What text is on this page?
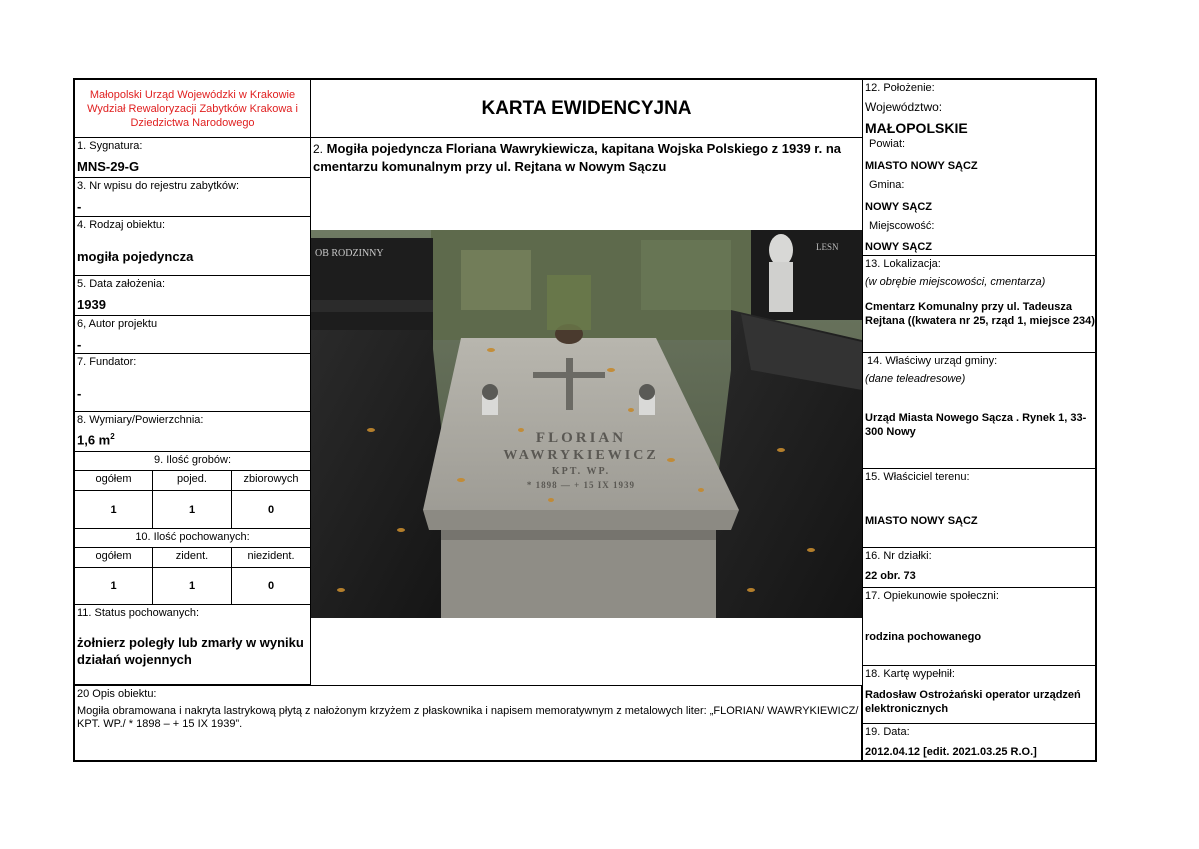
Małopolski Urząd Wojewódzki w Krakowie Wydział Rewaloryzacji Zabytków Krakowa i Dziedzictwa Narodowego
1. Sygnatura:
MNS-29-G
3. Nr wpisu do rejestru zabytków:
-
4. Rodzaj obiektu:
mogiła pojedyncza
5. Data założenia:
1939
6, Autor projektu
-
7. Fundator:
-
8. Wymiary/Powierzchnia:
1,6 $m^2$
9. Ilość grobów:
ogółem	pojed.	zbiorowych
1	1	0
10. Ilość pochowanych:
ogółem	zident.	niezident.
1	1	0
11. Status pochowanych:
żołnierz poległy lub zmarły w wyniku działań wojennych
KARTA EWIDENCYJNA
2. Mogiła pojedyncza Floriana Wawrykiewicza, kapitana Wojska Polskiego z 1939 r. na cmentarzu komunalnym przy ul. Rejtana w Nowym Sączu
OB RODZINNY
LESN
FLORIAN
WAWRYKIEWICZ
KPT. WP.
* 1898 — + 15 IX 1939
20 Opis obiektu:
Mogiła obramowana i nakryta lastrykową płytą z nałożonym krzyżem z płaskownika i napisem memoratywnym z metalowych liter: „FLORIAN/ WAWRYKIEWICZ/ KPT. WP./ * 1898 – + 15 IX 1939”.
12. Położenie:
Województwo:
MAŁOPOLSKIE
Powiat:
MIASTO NOWY SĄCZ
Gmina:
NOWY SĄCZ
Miejscowość:
NOWY SĄCZ
13. Lokalizacja:
(w obrębie miejscowości, cmentarza)
Cmentarz Komunalny przy ul. Tadeusza Rejtana ((kwatera nr 25, rząd 1, miejsce 234)
14. Właściwy urząd gminy:
(dane teleadresowe)
Urząd Miasta Nowego Sącza . Rynek 1, 33-300 Nowy
15. Właściciel terenu:
MIASTO NOWY SĄCZ
16. Nr działki:
22 obr. 73
17. Opiekunowie społeczni:
rodzina pochowanego
18. Kartę wypełnił:
Radosław Ostrożański operator urządzeń elektronicznych
19. Data:
2012.04.12 [edit. 2021.03.25 R.O.]
